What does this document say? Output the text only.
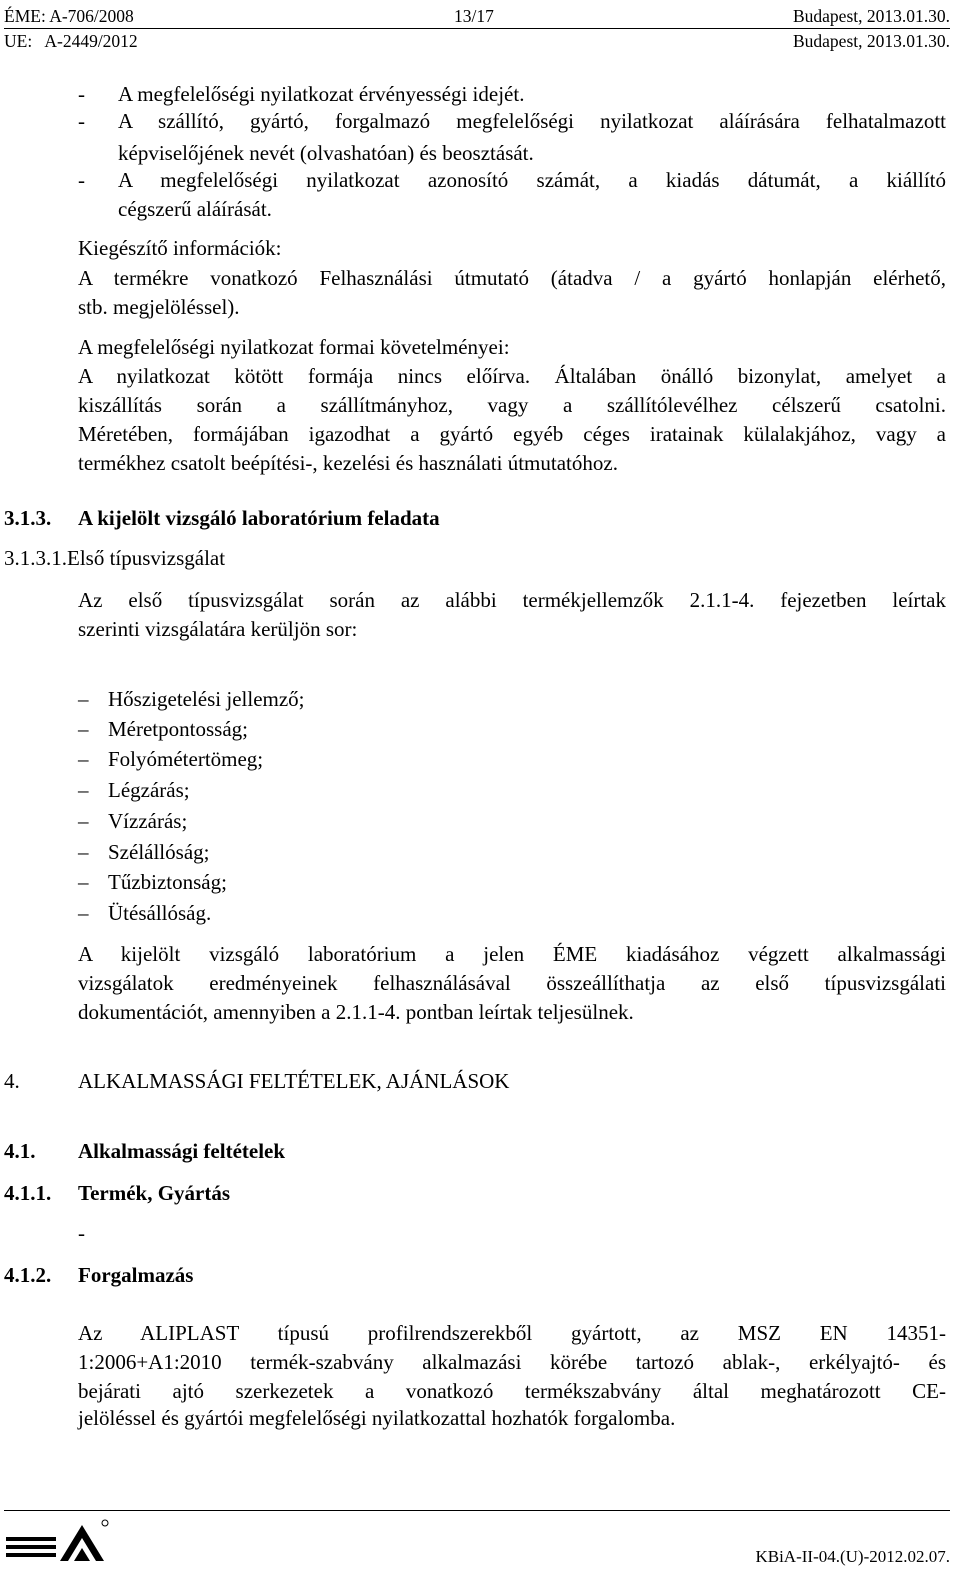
ÉME: A-706/2008	13/17	Budapest, 2013.01.30.
UE:   A-2449/2012	Budapest, 2013.01.30.
- A megfelelőségi nyilatkozat érvényességi idejét.
- A szállító, gyártó, forgalmazó megfelelőségi nyilatkozat aláírására felhatalmazott
képviselőjének nevét (olvashatóan) és beosztását.
- A megfelelőségi nyilatkozat azonosító számát, a kiadás dátumát, a kiállító
cégszerű aláírását.
Kiegészítő információk:
A termékre vonatkozó Felhasználási útmutató (átadva / a gyártó honlapján elérhető,
stb. megjelöléssel).
A megfelelőségi nyilatkozat formai követelményei:
A nyilatkozat kötött formája nincs előírva. Általában önálló bizonylat, amelyet a
kiszállítás során a szállítmányhoz, vagy a szállítólevélhez célszerű csatolni.
Méretében, formájában igazodhat a gyártó egyéb céges iratainak külalakjához, vagy a
termékhez csatolt beépítési-, kezelési és használati útmutatóhoz.
3.1.3. A kijelölt vizsgáló laboratórium feladata
3.1.3.1.Első típusvizsgálat
Az első típusvizsgálat során az alábbi termékjellemzők 2.1.1-4. fejezetben leírtak
szerinti vizsgálatára kerüljön sor:
– Hőszigetelési jellemző;
– Méretpontosság;
– Folyómétertömeg;
– Légzárás;
– Vízzárás;
– Szélállóság;
– Tűzbiztonság;
– Ütésállóság.
A kijelölt vizsgáló laboratórium a jelen ÉME kiadásához végzett alkalmassági
vizsgálatok eredményeinek felhasználásával összeállíthatja az első típusvizsgálati
dokumentációt, amennyiben a 2.1.1-4. pontban leírtak teljesülnek.
4.	ALKALMASSÁGI FELTÉTELEK, AJÁNLÁSOK
4.1. Alkalmassági feltételek
4.1.1. Termék, Gyártás
-
4.1.2. Forgalmazás
Az ALIPLAST típusú profilrendszerekből gyártott, az MSZ EN 14351-
1:2006+A1:2010 termék-szabvány alkalmazási körébe tartozó ablak-, erkélyajtó- és
bejárati ajtó szerkezetek a vonatkozó termékszabvány által meghatározott CE-
jelöléssel és gyártói megfelelőségi nyilatkozattal hozhatók forgalomba.
KBiA-II-04.(U)-2012.02.07.
